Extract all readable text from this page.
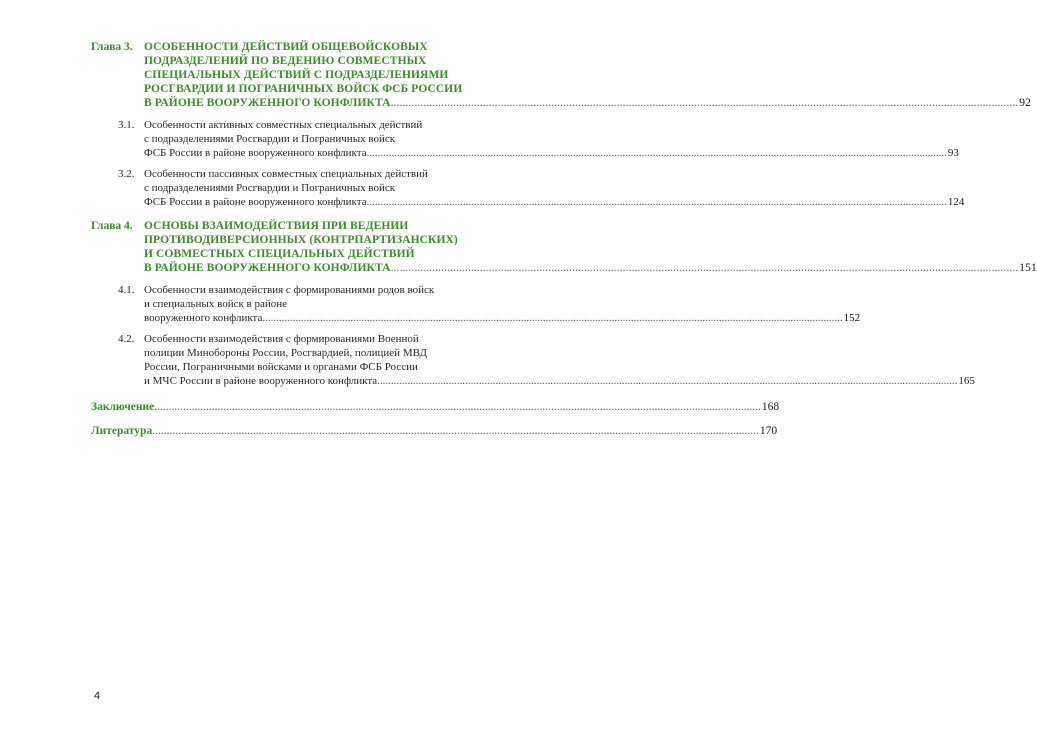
Глава 3. ОСОБЕННОСТИ ДЕЙСТВИЙ ОБЩЕВОЙСКОВЫХ
ПОДРАЗДЕЛЕНИЙ ПО ВЕДЕНИЮ СОВМЕСТНЫХ
СПЕЦИАЛЬНЫХ ДЕЙСТВИЙ С ПОДРАЗДЕЛЕНИЯМИ
РОСГВАРДИИ И ПОГРАНИЧНЫХ ВОЙСК ФСБ РОССИИ
В РАЙОНЕ ВООРУЖЕННОГО КОНФЛИКТА .....	92
3.1. Особенности активных совместных специальных действий
с подразделениями Росгвардии и Пограничных войск
ФСБ России в районе вооруженного конфликта .....	93
3.2. Особенности пассивных совместных специальных действий
с подразделениями Росгвардии и Пограничных войск
ФСБ России в районе вооруженного конфликта .....	124
Глава 4. ОСНОВЫ ВЗАИМОДЕЙСТВИЯ ПРИ ВЕДЕНИИ
ПРОТИВОДИВЕРСИОННЫХ (КОНТРПАРТИЗАНСКИХ)
И СОВМЕСТНЫХ СПЕЦИАЛЬНЫХ ДЕЙСТВИЙ
В РАЙОНЕ ВООРУЖЕННОГО КОНФЛИКТА .....	151
4.1. Особенности взаимодействия с формированиями родов войск
и специальных войск в районе
вооруженного конфликта .....	152
4.2. Особенности взаимодействия с формированиями Военной
полиции Минобороны России, Росгвардией, полицией МВД
России, Пограничными войсками и органами ФСБ России
и МЧС России в районе вооруженного конфликта .....	165
Заключение .....	168
Литература .....	170
4
